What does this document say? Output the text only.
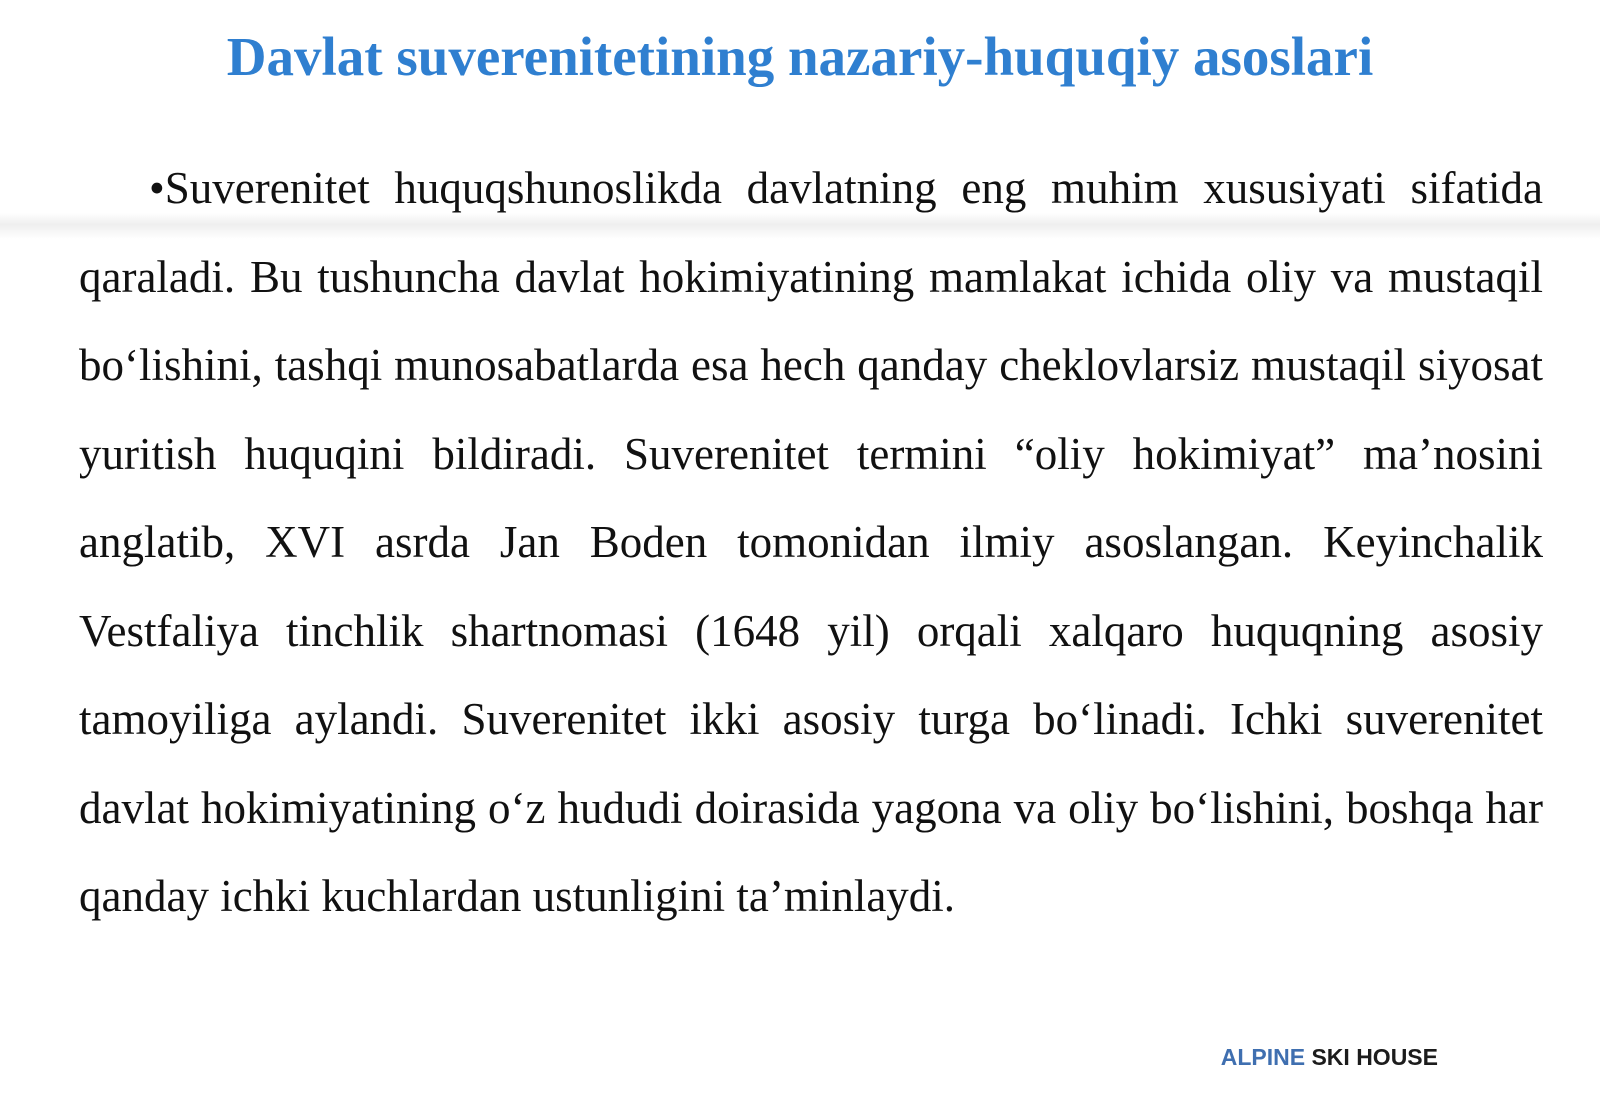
Davlat suverenitetining nazariy-huquqiy asoslari

•Suverenitet huquqshunoslikda davlatning eng muhim xususiyati sifatida qaraladi. Bu tushuncha davlat hokimiyatining mamlakat ichida oliy va mustaqil bo‘lishini, tashqi munosabatlarda esa hech qanday cheklovlarsiz mustaqil siyosat yuritish huquqini bildiradi. Suverenitet termini “oliy hokimiyat” ma’nosini anglatib, XVI asrda Jan Boden tomonidan ilmiy asoslangan. Keyinchalik Vestfaliya tinchlik shartnomasi (1648 yil) orqali xalqaro huquqning asosiy tamoyiliga aylandi. Suverenitet ikki asosiy turga bo‘linadi. Ichki suverenitet davlat hokimiyatining o‘z hududi doirasida yagona va oliy bo‘lishini, boshqa har qanday ichki kuchlardan ustunligini ta’minlaydi.

ALPINE SKI HOUSE
